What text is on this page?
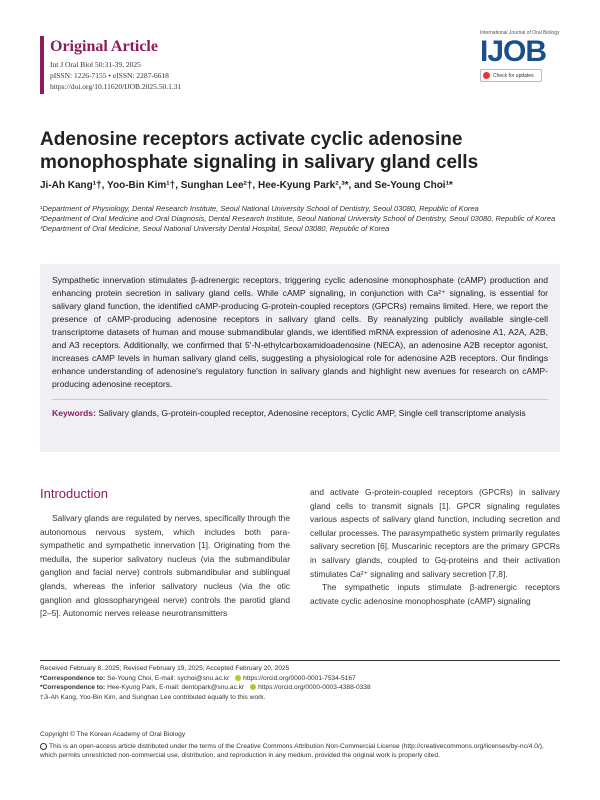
Original Article
Int J Oral Biol 50:31-39, 2025
pISSN: 1226-7155 • eISSN: 2287-6618
https://doi.org/10.11620/IJOB.2025.50.1.31
International Journal of Oral Biology
IJOB
Check for updates
Adenosine receptors activate cyclic adenosine monophosphate signaling in salivary gland cells
Ji-Ah Kang¹†, Yoo-Bin Kim¹†, Sunghan Lee²†, Hee-Kyung Park²,³*, and Se-Young Choi¹*

¹Department of Physiology, Dental Research Institute, Seoul National University School of Dentistry, Seoul 03080, Republic of Korea

²Department of Oral Medicine and Oral Diagnosis, Dental Research Institute, Seoul National University School of Dentistry, Seoul 03080, Republic of Korea

³Department of Oral Medicine, Seoul National University Dental Hospital, Seoul 03080, Republic of Korea

Sympathetic innervation stimulates β-adrenergic receptors, triggering cyclic adenosine monophosphate (cAMP) production and enhancing protein secretion in salivary gland cells. While cAMP signaling, in conjunction with Ca²⁺ signaling, is essential for salivary gland function, the identified cAMP-producing G-protein-coupled receptors (GPCRs) remains limited. Here, we report the presence of cAMP-producing adenosine receptors in salivary gland cells. By reanalyzing publicly available single-cell transcriptome datasets of human and mouse submandibular glands, we identified mRNA expression of adenosine A1, A2A, A2B, and A3 receptors. Additionally, we confirmed that 5'-N-ethylcarboxamidoadenosine (NECA), an adenosine A2B receptor agonist, increases cAMP levels in human salivary gland cells, suggesting a physiological role for adenosine A2B receptors. Our findings enhance understanding of adenosine's regulatory function in salivary glands and highlight new avenues for research on cAMP-producing adenosine receptors.

Keywords: Salivary glands, G-protein-coupled receptor, Adenosine receptors, Cyclic AMP, Single cell transcriptome analysis

Introduction

Salivary glands are regulated by nerves, specifically through the autonomous nervous system, which includes both para-sympathetic and sympathetic innervation [1]. Originating from the medulla, the superior salivatory nucleus (via the submandibular ganglion and facial nerve) controls submandibular and sublingual glands, whereas the inferior salivatory nucleus (via the otic ganglion and glossopharyngeal nerve) controls the parotid gland [2–5]. Autonomic nerves release neurotransmitters

and activate G-protein-coupled receptors (GPCRs) in salivary gland cells to transmit signals [1]. GPCR signaling regulates various aspects of salivary gland function, including secretion and cellular processes. The parasympathetic system primarily regulates salivary secretion [6]. Muscarinic receptors are the primary GPCRs in salivary glands, coupled to Gq-proteins and their activation stimulates Ca²⁺ signaling and salivary secretion [7,8].

The sympathetic inputs stimulate β-adrenergic receptors activate cyclic adenosine monophosphate (cAMP) signaling

Received February 8, 2025; Revised February 19, 2025; Accepted February 20, 2025

*Correspondence to: Se-Young Choi, E-mail: sychoi@snu.ac.kr https://orcid.org/0000-0001-7534-5167

*Correspondence to: Hee-Kyung Park, E-mail: dentopark@snu.ac.kr https://orcid.org/0000-0003-4388-0338

†Ji-Ah Kang, Yoo-Bin Kim, and Sunghan Lee contributed equally to this work.

Copyright © The Korean Academy of Oral Biology

This is an open-access article distributed under the terms of the Creative Commons Attribution Non-Commercial License (http://creativecommons.org/licenses/by-nc/4.0/), which permits unrestricted non-commercial use, distribution, and reproduction in any medium, provided the original work is properly cited.
